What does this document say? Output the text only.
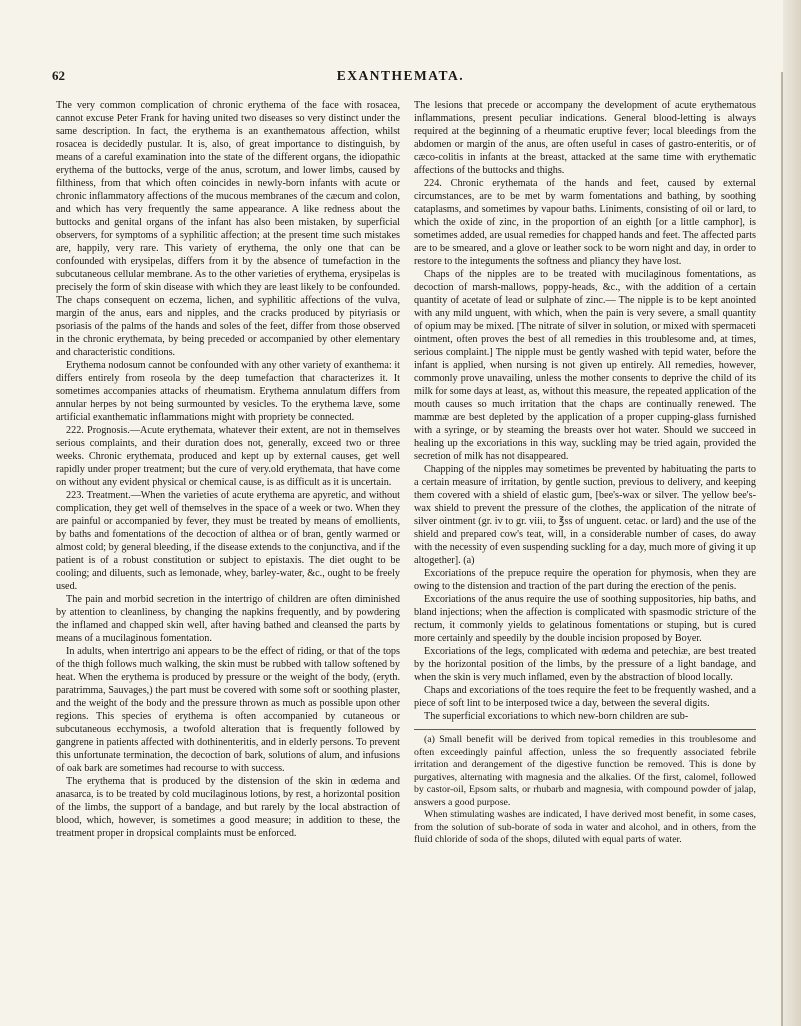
62	EXANTHEMATA.

The very common complication of chronic erythema of the face with rosacea, cannot excuse Peter Frank for having united two diseases so very distinct under the same description. In fact, the erythema is an exanthematous affection, whilst rosacea is decidedly pustular. It is, also, of great importance to distinguish, by means of a careful examination into the state of the different organs, the idiopathic erythema of the buttocks, verge of the anus, scrotum, and lower limbs, caused by filthiness, from that which often coincides in newly-born infants with acute or chronic inflammatory affections of the mucous membranes of the cæcum and colon, and which has very frequently the same appearance. A like redness about the buttocks and genital organs of the infant has also been mistaken, by superficial observers, for symptoms of a syphilitic affection; at the present time such mistakes are, happily, very rare. This variety of erythema, the only one that can be confounded with erysipelas, differs from it by the absence of tumefaction in the subcutaneous cellular membrane. As to the other varieties of erythema, erysipelas is precisely the form of skin disease with which they are least likely to be confounded. The chaps consequent on eczema, lichen, and syphilitic affections of the vulva, margin of the anus, ears and nipples, and the cracks produced by pityriasis or psoriasis of the palms of the hands and soles of the feet, differ from those observed in the chronic erythemata, by being preceded or accompanied by other elementary and characteristic conditions.

Erythema nodosum cannot be confounded with any other variety of exanthema: it differs entirely from roseola by the deep tumefaction that characterizes it. It sometimes accompanies attacks of rheumatism. Erythema annulatum differs from annular herpes by not being surmounted by vesicles. To the erythema læve, some artificial exanthematic inflammations might with propriety be connected.

222. Prognosis.—Acute erythemata, whatever their extent, are not in themselves serious complaints, and their duration does not, generally, exceed two or three weeks. Chronic erythemata, produced and kept up by external causes, get well rapidly under proper treatment; but the cure of very.old erythemata, that have come on without any evident physical or chemical cause, is as difficult as it is uncertain.

223. Treatment.—When the varieties of acute erythema are apyretic, and without complication, they get well of themselves in the space of a week or two. When they are painful or accompanied by fever, they must be treated by means of emollients, by baths and fomentations of the decoction of althea or of bran, gently warmed or almost cold; by general bleeding, if the disease extends to the conjunctiva, and if the patient is of a robust constitution or subject to epistaxis. The diet ought to be cooling; and diluents, such as lemonade, whey, barley-water, &c., ought to be freely used.

The pain and morbid secretion in the intertrigo of children are often diminished by attention to cleanliness, by changing the napkins frequently, and by powdering the inflamed and chapped skin well, after having bathed and cleansed the parts by means of a mucilaginous fomentation.

In adults, when intertrigo ani appears to be the effect of riding, or that of the tops of the thigh follows much walking, the skin must be rubbed with tallow softened by heat. When the erythema is produced by pressure or the weight of the body, (eryth. paratrimma, Sauvages,) the part must be covered with some soft or soothing plaster, and the weight of the body and the pressure thrown as much as possible upon other regions. This species of erythema is often accompanied by cutaneous or subcutaneous ecchymosis, a twofold alteration that is frequently followed by gangrene in patients affected with dothinenteritis, and in elderly persons. To prevent this unfortunate termination, the decoction of bark, solutions of alum, and infusions of oak bark are sometimes had recourse to with success.

The erythema that is produced by the distension of the skin in œdema and anasarca, is to be treated by cold mucilaginous lotions, by rest, a horizontal position of the limbs, the support of a bandage, and but rarely by the local abstraction of blood, which, however, is sometimes a good measure; in addition to these, the treatment proper in dropsical complaints must be enforced.

The lesions that precede or accompany the development of acute erythematous inflammations, present peculiar indications. General blood-letting is always required at the beginning of a rheumatic eruptive fever; local bleedings from the abdomen or margin of the anus, are often useful in cases of gastro-enteritis, or of cæco-colitis in infants at the breast, attacked at the same time with erythematic affections of the buttocks and thighs.

224. Chronic erythemata of the hands and feet, caused by external circumstances, are to be met by warm fomentations and bathing, by soothing cataplasms, and sometimes by vapour baths. Liniments, consisting of oil or lard, to which the oxide of zinc, in the proportion of an eighth [or a little camphor], is sometimes added, are usual remedies for chapped hands and feet. The affected parts are to be smeared, and a glove or leather sock to be worn night and day, in order to restore to the integuments the softness and pliancy they have lost.

Chaps of the nipples are to be treated with mucilaginous fomentations, as decoction of marsh-mallows, poppy-heads, &c., with the addition of a certain quantity of acetate of lead or sulphate of zinc.— The nipple is to be kept anointed with any mild unguent, with which, when the pain is very severe, a small quantity of opium may be mixed. [The nitrate of silver in solution, or mixed with spermaceti ointment, often proves the best of all remedies in this troublesome and, at times, serious complaint.] The nipple must be gently washed with tepid water, before the infant is applied, when nursing is not given up entirely. All remedies, however, commonly prove unavailing, unless the mother consents to deprive the child of its milk for some days at least, as, without this measure, the repeated application of the mouth causes so much irritation that the chaps are continually renewed. The mammæ are best depleted by the application of a proper cupping-glass furnished with a syringe, or by steaming the breasts over hot water. Should we succeed in healing up the excoriations in this way, suckling may be tried again, provided the secretion of milk has not disappeared.

Chapping of the nipples may sometimes be prevented by habituating the parts to a certain measure of irritation, by gentle suction, previous to delivery, and keeping them covered with a shield of elastic gum, [bee's-wax or silver. The yellow bee's-wax shield to prevent the pressure of the clothes, the application of the nitrate of silver ointment (gr. iv to gr. viii, to ℥ss of unguent. cetac. or lard) and the use of the shield and prepared cow's teat, will, in a considerable number of cases, do away with the necessity of even suspending suckling for a day, much more of giving it up altogether]. (a)

Excoriations of the prepuce require the operation for phymosis, when they are owing to the distension and traction of the part during the erection of the penis.

Excoriations of the anus require the use of soothing suppositories, hip baths, and bland injections; when the affection is complicated with spasmodic stricture of the rectum, it commonly yields to gelatinous fomentations or stuping, but is cured more certainly and speedily by the double incision proposed by Boyer.

Excoriations of the legs, complicated with œdema and petechiæ, are best treated by the horizontal position of the limbs, by the pressure of a light bandage, and when the skin is very much inflamed, even by the abstraction of blood locally.

Chaps and excoriations of the toes require the feet to be frequently washed, and a piece of soft lint to be interposed twice a day, between the several digits.

The superficial excoriations to which new-born children are sub-

(a) Small benefit will be derived from topical remedies in this troublesome and often exceedingly painful affection, unless the so frequently associated febrile irritation and derangement of the digestive function be removed. This is done by purgatives, alternating with magnesia and the alkalies. Of the first, calomel, followed by castor-oil, Epsom salts, or rhubarb and magnesia, with compound powder of jalap, answers a good purpose.

When stimulating washes are indicated, I have derived most benefit, in some cases, from the solution of sub-borate of soda in water and alcohol, and in others, from the fluid chloride of soda of the shops, diluted with equal parts of water.
